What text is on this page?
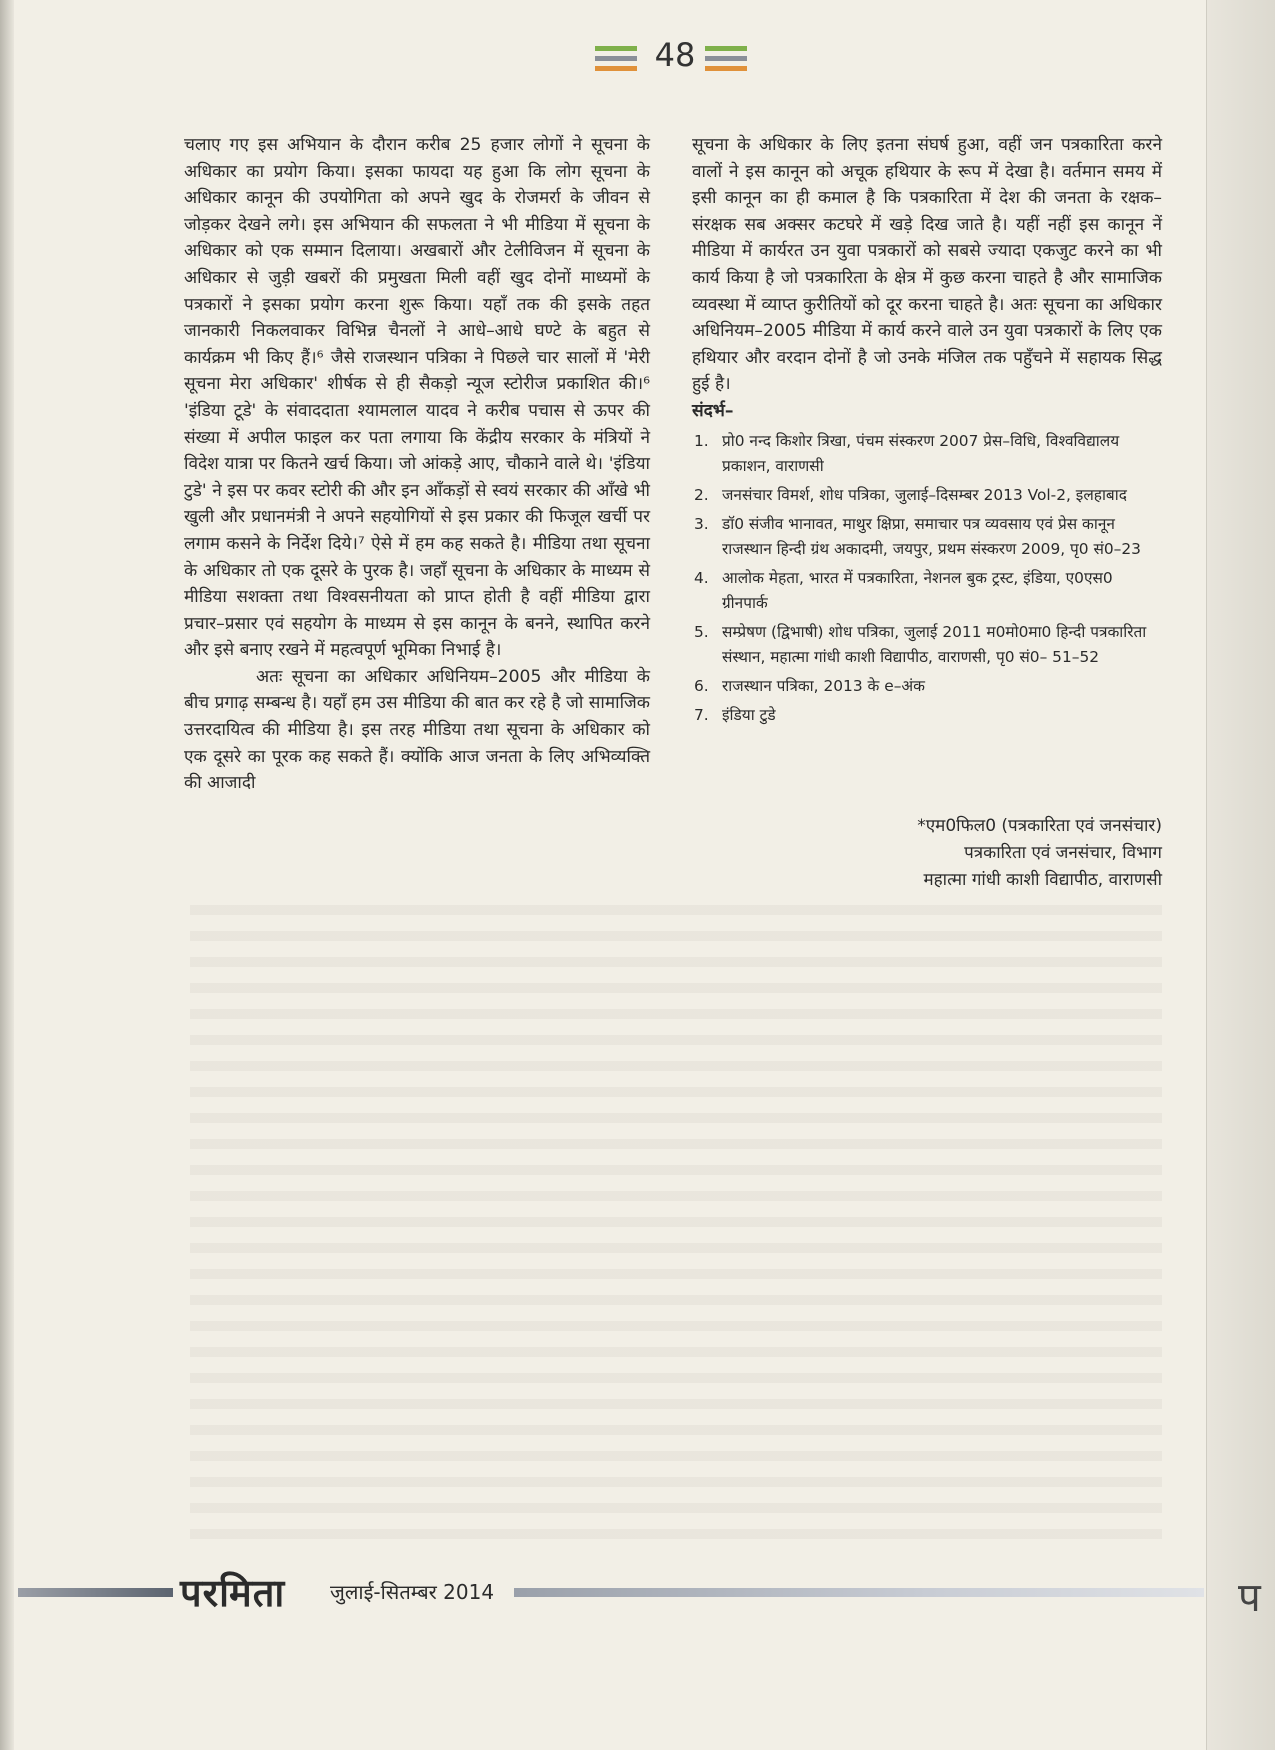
48

चलाए गए इस अभियान के दौरान करीब 25 हजार लोगों ने सूचना के अधिकार का प्रयोग किया। इसका फायदा यह हुआ कि लोग सूचना के अधिकार कानून की उपयोगिता को अपने खुद के रोजमर्रा के जीवन से जोड़कर देखने लगे। इस अभियान की सफलता ने भी मीडिया में सूचना के अधिकार को एक सम्मान दिलाया। अखबारों और टेलीविजन में सूचना के अधिकार से जुड़ी खबरों की प्रमुखता मिली वहीं खुद दोनों माध्यमों के पत्रकारों ने इसका प्रयोग करना शुरू किया। यहाँ तक की इसके तहत जानकारी निकलवाकर विभिन्न चैनलों ने आधे–आधे घण्टे के बहुत से कार्यक्रम भी किए हैं।⁶ जैसे राजस्थान पत्रिका ने पिछले चार सालों में 'मेरी सूचना मेरा अधिकार' शीर्षक से ही सैकड़ो न्यूज स्टोरीज प्रकाशित की।⁶ 'इंडिया टूडे' के संवाददाता श्यामलाल यादव ने करीब पचास से ऊपर की संख्या में अपील फाइल कर पता लगाया कि केंद्रीय सरकार के मंत्रियों ने विदेश यात्रा पर कितने खर्च किया। जो आंकड़े आए, चौकाने वाले थे। 'इंडिया टुडे' ने इस पर कवर स्टोरी की और इन आँकड़ों से स्वयं सरकार की आँखे भी खुली और प्रधानमंत्री ने अपने सहयोगियों से इस प्रकार की फिजूल खर्ची पर लगाम कसने के निर्देश दिये।⁷ ऐसे में हम कह सकते है। मीडिया तथा सूचना के अधिकार तो एक दूसरे के पुरक है। जहाँ सूचना के अधिकार के माध्यम से मीडिया सशक्ता तथा विश्वसनीयता को प्राप्त होती है वहीं मीडिया द्वारा प्रचार–प्रसार एवं सहयोग के माध्यम से इस कानून के बनने, स्थापित करने और इसे बनाए रखने में महत्वपूर्ण भूमिका निभाई है।

अतः सूचना का अधिकार अधिनियम–2005 और मीडिया के बीच प्रगाढ़ सम्बन्ध है। यहाँ हम उस मीडिया की बात कर रहे है जो सामाजिक उत्तरदायित्व की मीडिया है। इस तरह मीडिया तथा सूचना के अधिकार को एक दूसरे का पूरक कह सकते हैं। क्योंकि आज जनता के लिए अभिव्यक्ति की आजादी

सूचना के अधिकार के लिए इतना संघर्ष हुआ, वहीं जन पत्रकारिता करने वालों ने इस कानून को अचूक हथियार के रूप में देखा है। वर्तमान समय में इसी कानून का ही कमाल है कि पत्रकारिता में देश की जनता के रक्षक–संरक्षक सब अक्सर कटघरे में खड़े दिख जाते है। यहीं नहीं इस कानून नें मीडिया में कार्यरत उन युवा पत्रकारों को सबसे ज्यादा एकजुट करने का भी कार्य किया है जो पत्रकारिता के क्षेत्र में कुछ करना चाहते है और सामाजिक व्यवस्था में व्याप्त कुरीतियों को दूर करना चाहते है। अतः सूचना का अधिकार अधिनियम–2005 मीडिया में कार्य करने वाले उन युवा पत्रकारों के लिए एक हथियार और वरदान दोनों है जो उनके मंजिल तक पहुँचने में सहायक सिद्ध हुई है।

संदर्भ–

1. प्रो0 नन्द किशोर त्रिखा, पंचम संस्करण 2007 प्रेस–विधि, विश्वविद्यालय प्रकाशन, वाराणसी
2. जनसंचार विमर्श, शोध पत्रिका, जुलाई–दिसम्बर 2013 Vol-2, इलहाबाद
3. डॉ0 संजीव भानावत, माथुर क्षिप्रा, समाचार पत्र व्यवसाय एवं प्रेस कानून राजस्थान हिन्दी ग्रंथ अकादमी, जयपुर, प्रथम संस्करण 2009, पृ0 सं0–23
4. आलोक मेहता, भारत में पत्रकारिता, नेशनल बुक ट्रस्ट, इंडिया, ए0एस0 ग्रीनपार्क
5. सम्प्रेषण (द्विभाषी) शोध पत्रिका, जुलाई 2011 म0मो0मा0 हिन्दी पत्रकारिता संस्थान, महात्मा गांधी काशी विद्यापीठ, वाराणसी, पृ0 सं0– 51–52
6. राजस्थान पत्रिका, 2013 के e–अंक
7. इंडिया टुडे
*एम0फिल0 (पत्रकारिता एवं जनसंचार)
पत्रकारिता एवं जनसंचार, विभाग
महात्मा गांधी काशी विद्यापीठ, वाराणसी
परमिता जुलाई-सितम्बर 2014	प
